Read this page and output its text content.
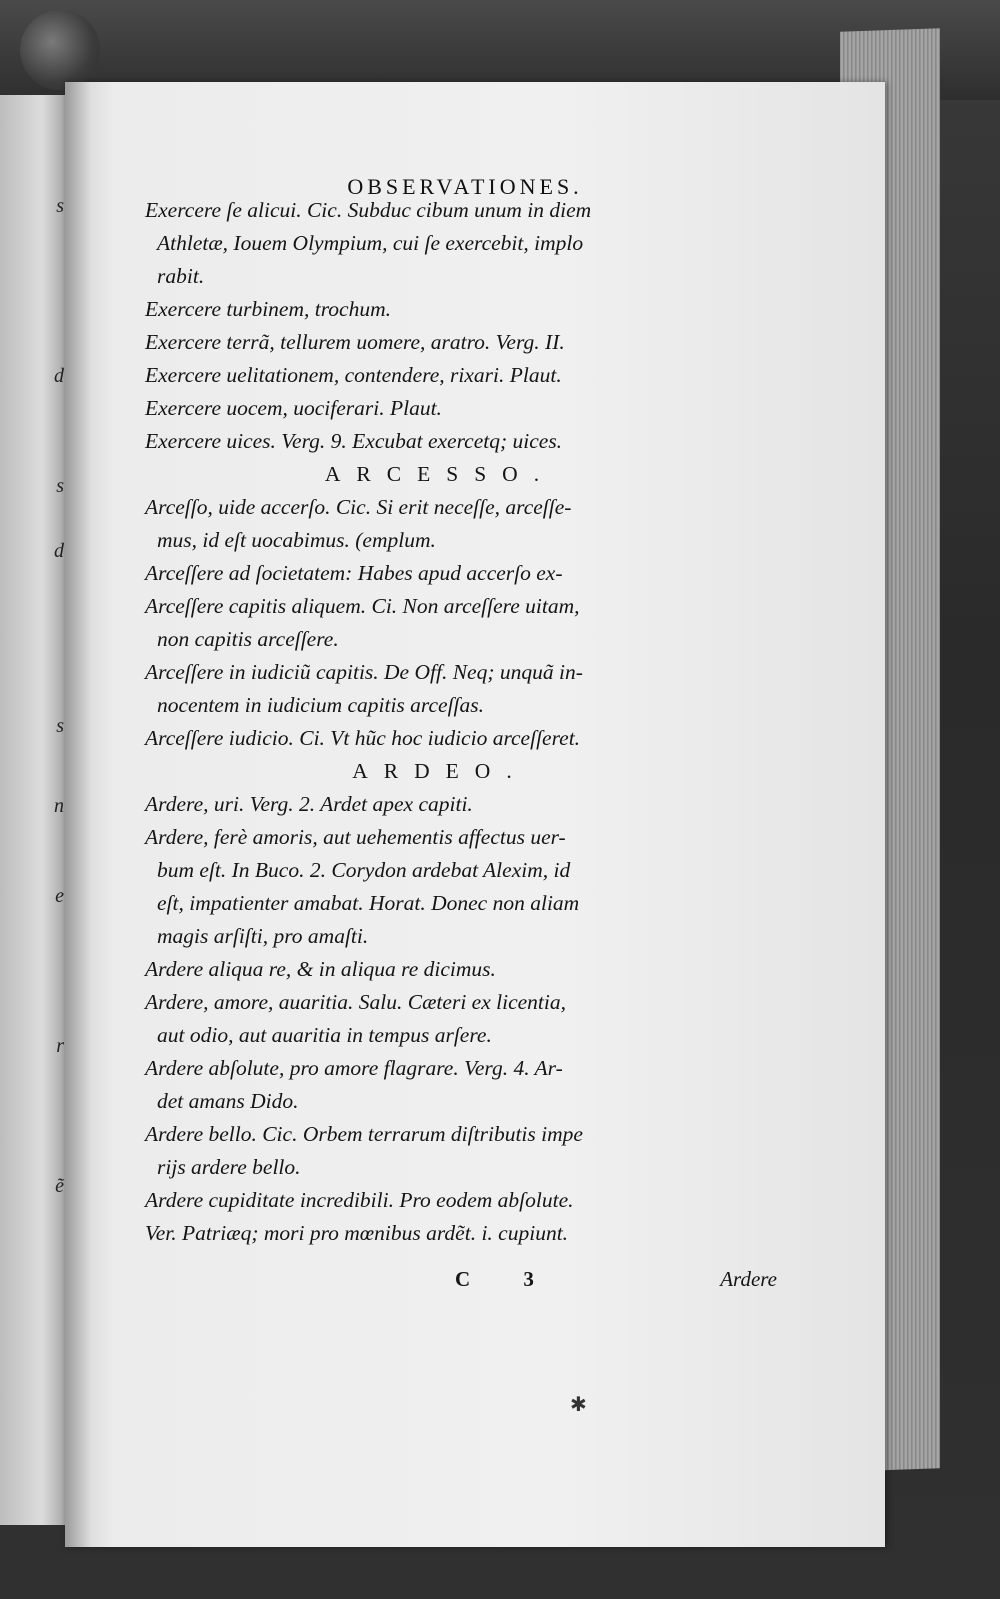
s
d
s
d
s
n
e
r
ẽ
OBSERVATIONES.
Exercere ſe alicui. Cic. Subduc cibum unum in diem
Athletæ, Iouem Olympium, cui ſe exercebit, implo
rabit.
Exercere turbinem, trochum.
Exercere terrã, tellurem uomere, aratro. Verg. II.
Exercere uelitationem, contendere, rixari. Plaut.
Exercere uocem, uociferari. Plaut.
Exercere uices. Verg. 9. Excubat exercetq; uices.
ARCESSO.
Arceſſo, uide accerſo. Cic. Si erit neceſſe, arceſſe-
mus, id eſt uocabimus. (emplum.
Arceſſere ad ſocietatem: Habes apud accerſo ex-
Arceſſere capitis aliquem. Ci. Non arceſſere uitam,
non capitis arceſſere.
Arceſſere in iudiciũ capitis. De Off. Neq; unquã in-
nocentem in iudicium capitis arceſſas.
Arceſſere iudicio. Ci. Vt hũc hoc iudicio arceſſeret.
ARDEO.
Ardere, uri. Verg. 2. Ardet apex capiti.
Ardere, ferè amoris, aut uehementis affectus uer-
bum eſt. In Buco. 2. Corydon ardebat Alexim, id
eſt, impatienter amabat. Horat. Donec non aliam
magis arſiſti, pro amaſti.
Ardere aliqua re, & in aliqua re dicimus.
Ardere, amore, auaritia. Salu. Cæteri ex licentia,
aut odio, aut auaritia in tempus arſere.
Ardere abſolute, pro amore flagrare. Verg. 4. Ar-
det amans Dido.
Ardere bello. Cic. Orbem terrarum diſtributis impe
rijs ardere bello.
Ardere cupiditate incredibili. Pro eodem abſolute.
Ver. Patriæq; mori pro mœnibus ardẽt. i. cupiunt.
C 3	Ardere
✱
